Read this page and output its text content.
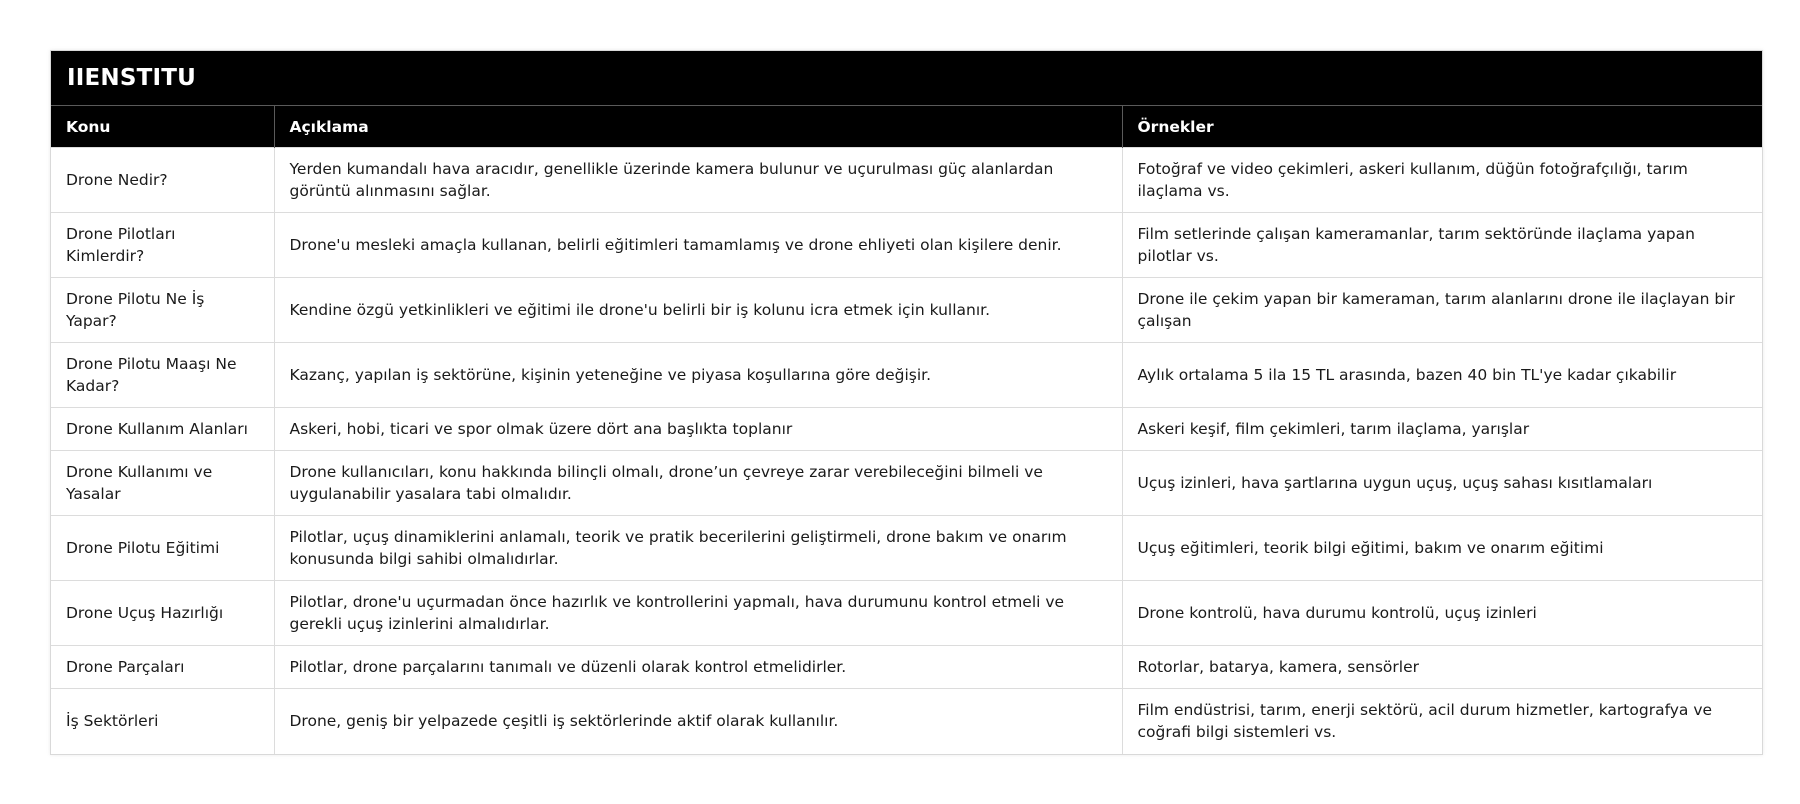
IIENSTITU
Konu	Açıklama	Örnekler
Drone Nedir?	Yerden kumandalı hava aracıdır, genellikle üzerinde kamera bulunur ve uçurulması güç alanlardan görüntü alınmasını sağlar.	Fotoğraf ve video çekimleri, askeri kullanım, düğün fotoğrafçılığı, tarım ilaçlama vs.
Drone Pilotları Kimlerdir?	Drone'u mesleki amaçla kullanan, belirli eğitimleri tamamlamış ve drone ehliyeti olan kişilere denir.	Film setlerinde çalışan kameramanlar, tarım sektöründe ilaçlama yapan pilotlar vs.
Drone Pilotu Ne İş Yapar?	Kendine özgü yetkinlikleri ve eğitimi ile drone'u belirli bir iş kolunu icra etmek için kullanır.	Drone ile çekim yapan bir kameraman, tarım alanlarını drone ile ilaçlayan bir çalışan
Drone Pilotu Maaşı Ne Kadar?	Kazanç, yapılan iş sektörüne, kişinin yeteneğine ve piyasa koşullarına göre değişir.	Aylık ortalama 5 ila 15 TL arasında, bazen 40 bin TL'ye kadar çıkabilir
Drone Kullanım Alanları	Askeri, hobi, ticari ve spor olmak üzere dört ana başlıkta toplanır	Askeri keşif, film çekimleri, tarım ilaçlama, yarışlar
Drone Kullanımı ve Yasalar	Drone kullanıcıları, konu hakkında bilinçli olmalı, drone’un çevreye zarar verebileceğini bilmeli ve uygulanabilir yasalara tabi olmalıdır.	Uçuş izinleri, hava şartlarına uygun uçuş, uçuş sahası kısıtlamaları
Drone Pilotu Eğitimi	Pilotlar, uçuş dinamiklerini anlamalı, teorik ve pratik becerilerini geliştirmeli, drone bakım ve onarım konusunda bilgi sahibi olmalıdırlar.	Uçuş eğitimleri, teorik bilgi eğitimi, bakım ve onarım eğitimi
Drone Uçuş Hazırlığı	Pilotlar, drone'u uçurmadan önce hazırlık ve kontrollerini yapmalı, hava durumunu kontrol etmeli ve gerekli uçuş izinlerini almalıdırlar.	Drone kontrolü, hava durumu kontrolü, uçuş izinleri
Drone Parçaları	Pilotlar, drone parçalarını tanımalı ve düzenli olarak kontrol etmelidirler.	Rotorlar, batarya, kamera, sensörler
İş Sektörleri	Drone, geniş bir yelpazede çeşitli iş sektörlerinde aktif olarak kullanılır.	Film endüstrisi, tarım, enerji sektörü, acil durum hizmetler, kartografya ve coğrafi bilgi sistemleri vs.
